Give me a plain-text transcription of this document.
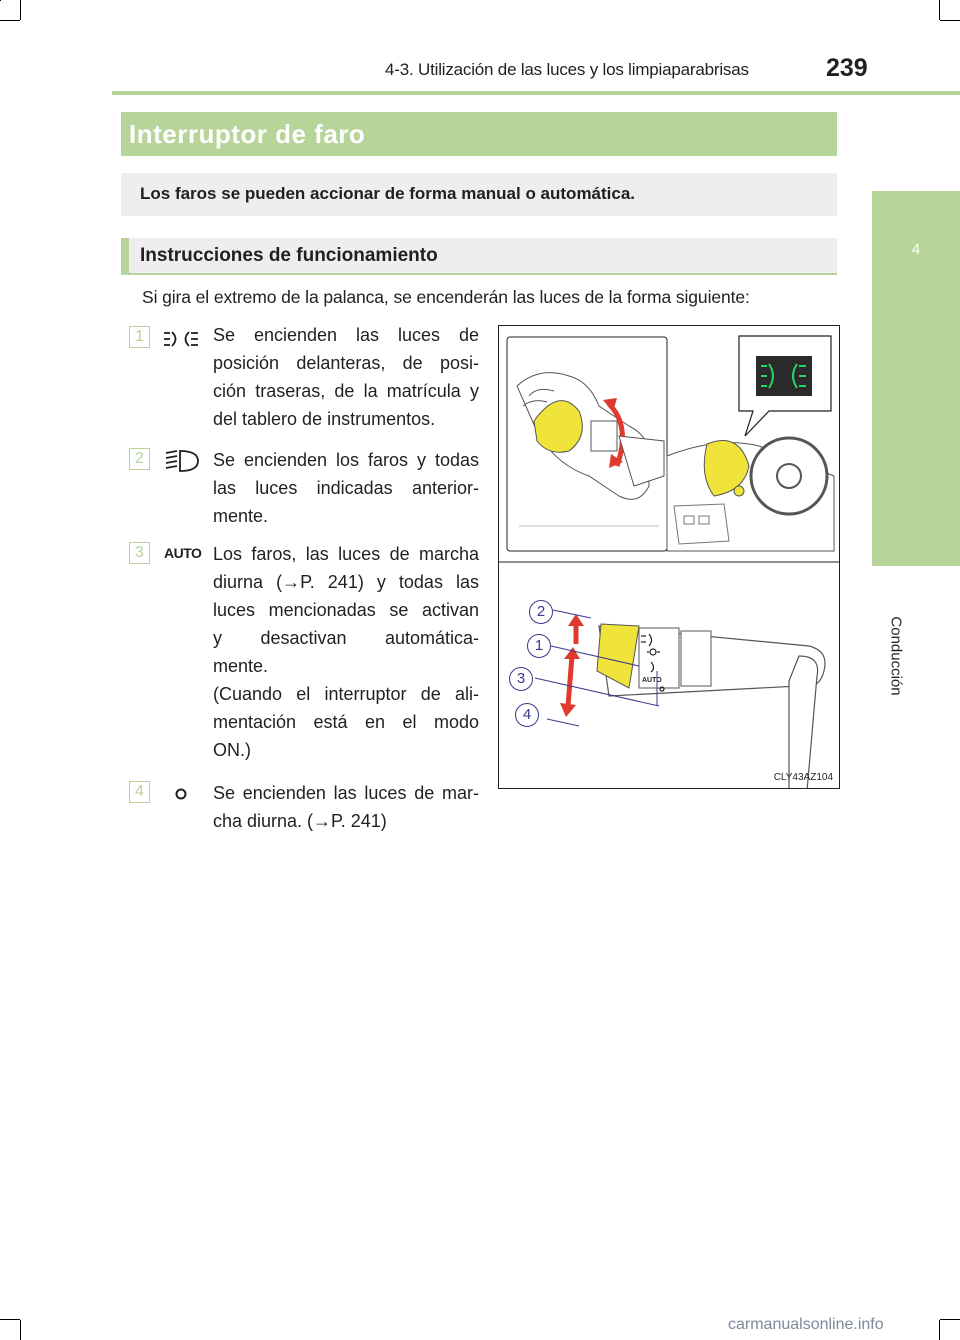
4-3. Utilización de las luces y los limpiaparabrisas	239
4
Conducción
Interruptor de faro
Los faros se pueden accionar de forma manual o automática.
Instrucciones de funcionamiento
Si gira el extremo de la palanca, se encenderán las luces de la forma siguiente:
1	Se encienden las luces de
posición delanteras, de posi-
ción traseras, de la matrícula y
del tablero de instrumentos.
2	Se encienden los faros y todas
las luces indicadas anterior-
mente.
3	AUTO Los faros, las luces de marcha
diurna (→P. 241) y todas las
luces mencionadas se activan
y desactivan automática-
mente.
(Cuando el interruptor de ali-
mentación está en el modo
ON.)
4	Se encienden las luces de mar-
cha diurna. (→P. 241)
AUTO
2
1
3
4
CLY43AZ104
carmanualsonline.info
